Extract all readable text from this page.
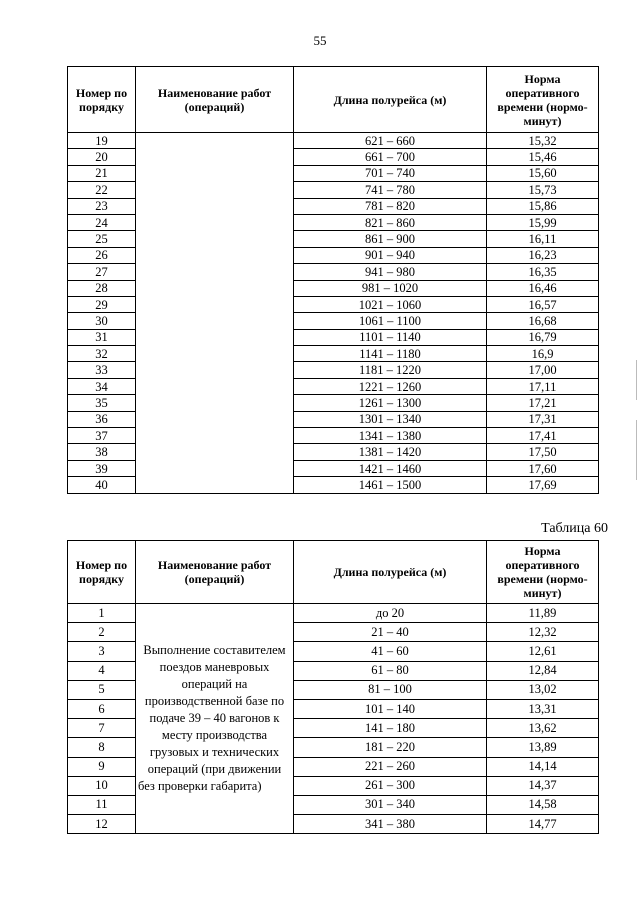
55
Номер по порядку	Наименование работ (операций)	Длина полурейса (м)	Норма оперативного времени (нормо-минут)
19		621 – 660	15,32
20		661 – 700	15,46
21		701 – 740	15,60
22		741 – 780	15,73
23		781 – 820	15,86
24		821 – 860	15,99
25		861 – 900	16,11
26		901 – 940	16,23
27		941 – 980	16,35
28		981 – 1020	16,46
29		1021 – 1060	16,57
30		1061 – 1100	16,68
31		1101 – 1140	16,79
32		1141 – 1180	16,9
33		1181 – 1220	17,00
34		1221 – 1260	17,11
35		1261 – 1300	17,21
36		1301 – 1340	17,31
37		1341 – 1380	17,41
38		1381 – 1420	17,50
39		1421 – 1460	17,60
40		1461 – 1500	17,69
Таблица 60
Номер по порядку	Наименование работ (операций)	Длина полурейса (м)	Норма оперативного времени (нормо-минут)
1	Выполнение составителем поездов маневровых операций на производственной базе по подаче 39 – 40 вагонов к месту производства грузовых и технических операций (при движении без проверки габарита)	до 20	11,89
2		21 – 40	12,32
3		41 – 60	12,61
4		61 – 80	12,84
5		81 – 100	13,02
6		101 – 140	13,31
7		141 – 180	13,62
8		181 – 220	13,89
9		221 – 260	14,14
10		261 – 300	14,37
11		301 – 340	14,58
12		341 – 380	14,77
